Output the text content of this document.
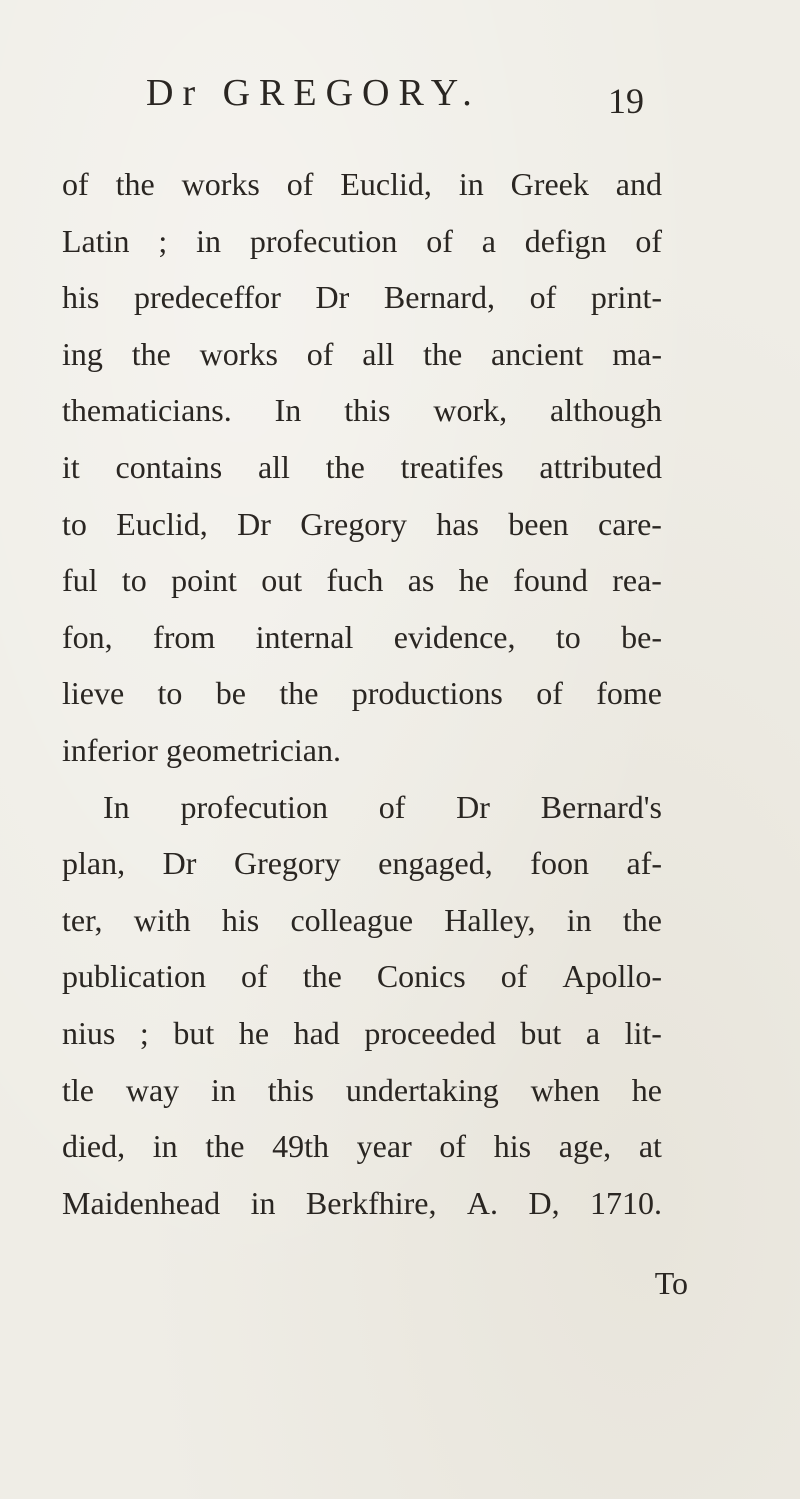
Dr GREGORY.	19
of the works of Euclid, in Greek and
Latin ; in profecution of a defign of
his predeceffor Dr Bernard, of print-
ing the works of all the ancient ma-
thematicians. In this work, although
it contains all the treatifes attributed
to Euclid, Dr Gregory has been care-
ful to point out fuch as he found rea-
fon, from internal evidence, to be-
lieve to be the productions of fome
inferior geometrician.
In profecution of Dr Bernard's
plan, Dr Gregory engaged, foon af-
ter, with his colleague Halley, in the
publication of the Conics of Apollo-
nius ; but he had proceeded but a lit-
tle way in this undertaking when he
died, in the 49th year of his age, at
Maidenhead in Berkfhire, A. D, 1710.
To
